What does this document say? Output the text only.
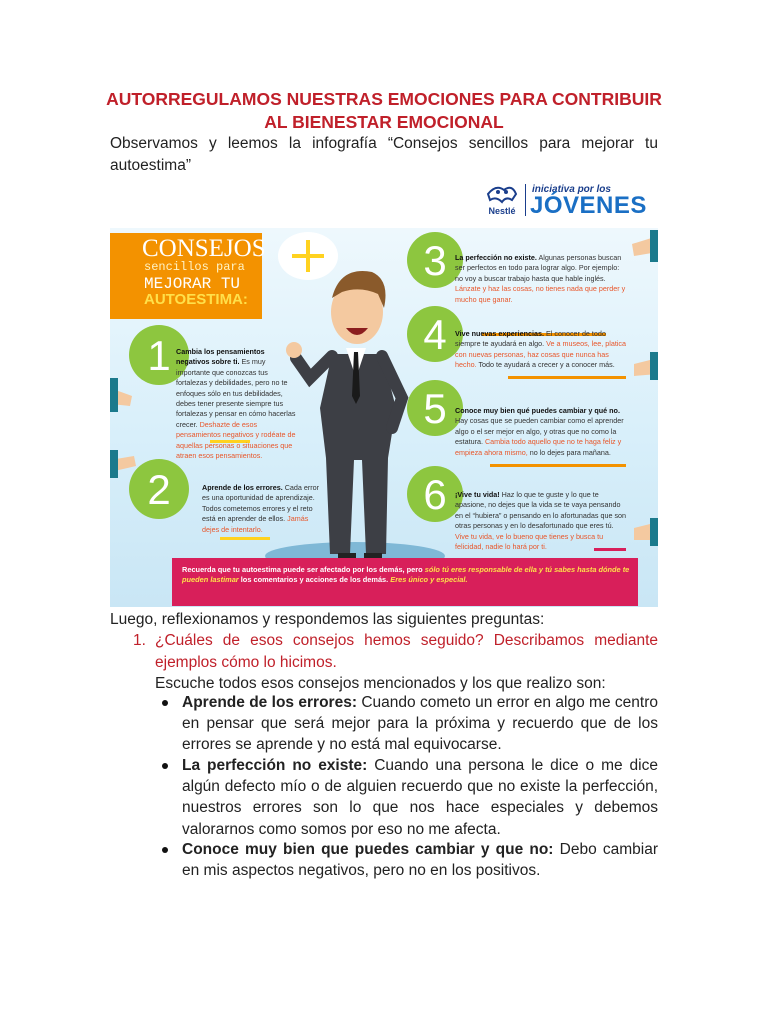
AUTORREGULAMOS NUESTRAS EMOCIONES PARA CONTRIBUIR AL BIENESTAR EMOCIONAL
Observamos y leemos la infografía “Consejos sencillos para mejorar tu autoestima”
Nestlé
iniciativa por los
JÓVENES
CONSEJOS
sencillos para
MEJORAR TU
AUTOESTIMA:
1
2
3
4
5
6
Cambia los pensamientos negativos sobre ti. Es muy importante que conozcas tus fortalezas y debilidades, pero no te enfoques sólo en tus debilidades, debes tener presente siempre tus fortalezas y pensar en cómo hacerlas crecer. Deshazte de esos pensamientos negativos y rodéate de aquellas personas o situaciones que atraen esos pensamientos.
Aprende de los errores. Cada error es una oportunidad de aprendizaje. Todos cometemos errores y el reto está en aprender de ellos. Jamás dejes de intentarlo.
La perfección no existe. Algunas personas buscan ser perfectos en todo para lograr algo. Por ejemplo: no voy a buscar trabajo hasta que hable inglés. Lánzate y haz las cosas, no tienes nada que perder y mucho que ganar.
Vive nuevas experiencias. El conocer de todo siempre te ayudará en algo. Ve a museos, lee, platica con nuevas personas, haz cosas que nunca has hecho. Todo te ayudará a crecer y a conocer más.
Conoce muy bien qué puedes cambiar y qué no. Hay cosas que se pueden cambiar como el aprender algo o el ser mejor en algo, y otras que no como la estatura. Cambia todo aquello que no te haga feliz y empieza ahora mismo, no lo dejes para mañana.
¡Vive tu vida! Haz lo que te guste y lo que te apasione, no dejes que la vida se te vaya pensando en el “hubiera” o pensando en lo afortunadas que son otras personas y en lo desafortunado que eres tú. Vive tu vida, ve lo bueno que tienes y busca tu felicidad, nadie lo hará por ti.
Recuerda que tu autoestima puede ser afectado por los demás, pero sólo tú eres responsable de ella y tú sabes hasta dónde te pueden lastimar los comentarios y acciones de los demás. Eres único y especial.
Luego, reflexionamos y respondemos las siguientes preguntas:
1. ¿Cuáles de esos consejos hemos seguido? Describamos mediante ejemplos cómo lo hicimos.
Escuche todos esos consejos mencionados y los que realizo son:
Aprende de los errores: Cuando cometo un error en algo me centro en pensar que será mejor para la próxima y recuerdo que de los errores se aprende y no está mal equivocarse.
La perfección no existe: Cuando una persona le dice o me dice algún defecto mío o de alguien recuerdo que no existe la perfección, nuestros errores son lo que nos hace especiales y debemos valorarnos como somos por eso no me afecta.
Conoce muy bien que puedes cambiar y que no: Debo cambiar en mis aspectos negativos, pero no en los positivos.
